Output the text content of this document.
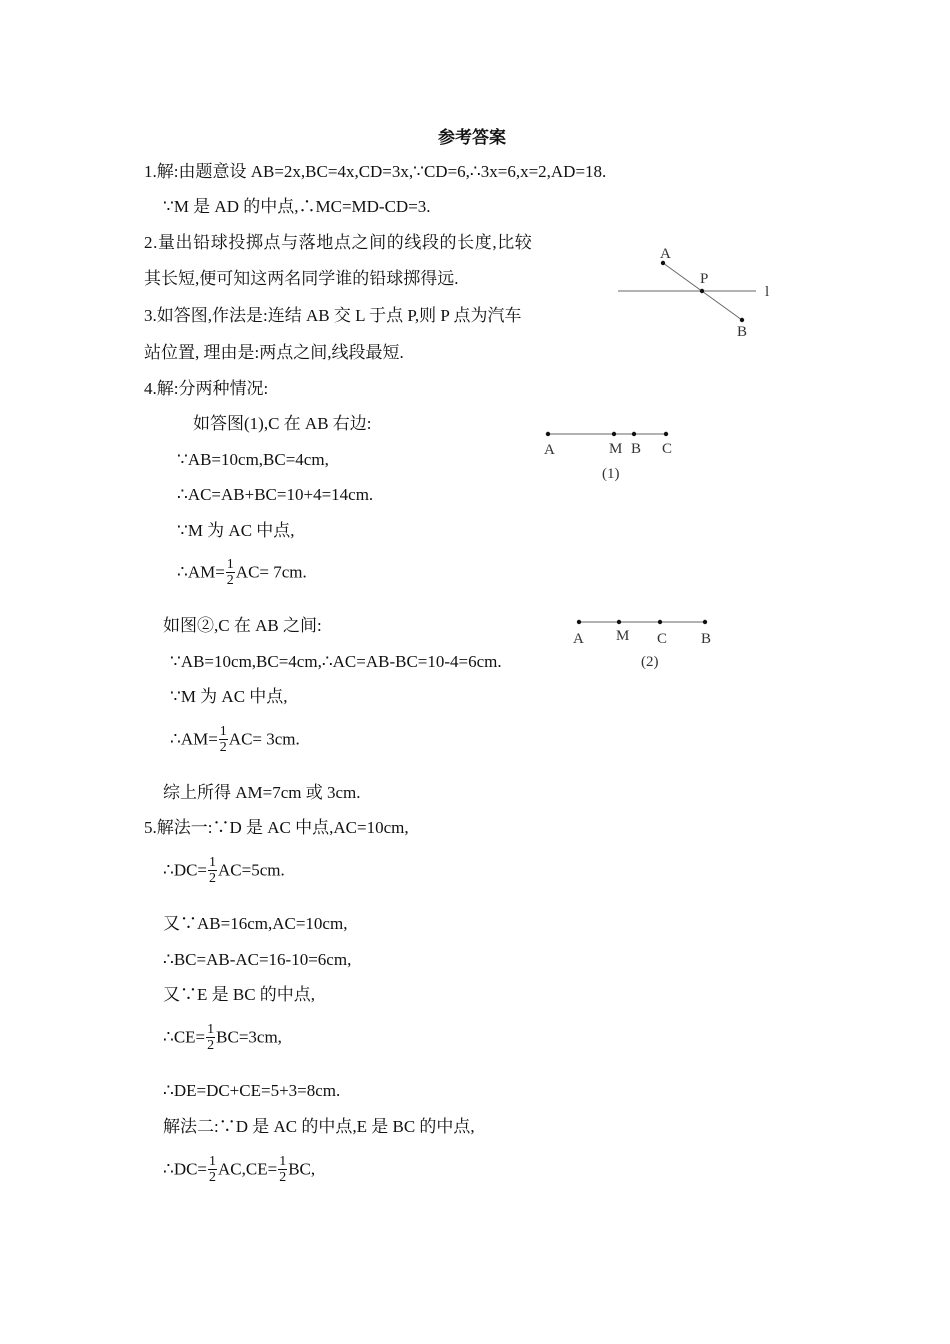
参考答案
1.解:由题意设 AB=2x,BC=4x,CD=3x,∵CD=6,∴3x=6,x=2,AD=18.
∵M 是 AD 的中点,∴MC=MD-CD=3.
2.量出铅球投掷点与落地点之间的线段的长度,比较
其长短,便可知这两名同学谁的铅球掷得远.
3.如答图,作法是:连结 AB 交 L 于点 P,则 P 点为汽车
站位置, 理由是:两点之间,线段最短.
4.解:分两种情况:
如答图(1),C 在 AB 右边:
∵AB=10cm,BC=4cm,
∴AC=AB+BC=10+4=14cm.
∵M 为 AC 中点,
∴AM= $\frac{1}{2} AC= 7cm$.
如图②,C 在 AB 之间:
∵AB=10cm,BC=4cm,∴AC=AB-BC=10-4=6cm.
∵M 为 AC 中点,
∴AM= $\frac{1}{2} AC= 3cm$.
综上所得 AM=7cm 或 3cm.
5.解法一:∵D 是 AC 中点,AC=10cm,
∴DC= $\frac{1}{2} AC=5cm$.
又∵AB=16cm,AC=10cm,
∴BC=AB-AC=16-10=6cm,
又∵E 是 BC 的中点,
∴CE= $\frac{1}{2} BC=3cm$,
∴DE=DC+CE=5+3=8cm.
解法二:∵D 是 AC 的中点,E 是 BC 的中点,
∴DC= $\frac{1}{2} AC,CE= \frac{1}{2}$ BC,
A
P
l
B
A	M B C
(1)
A M C B
(2)
